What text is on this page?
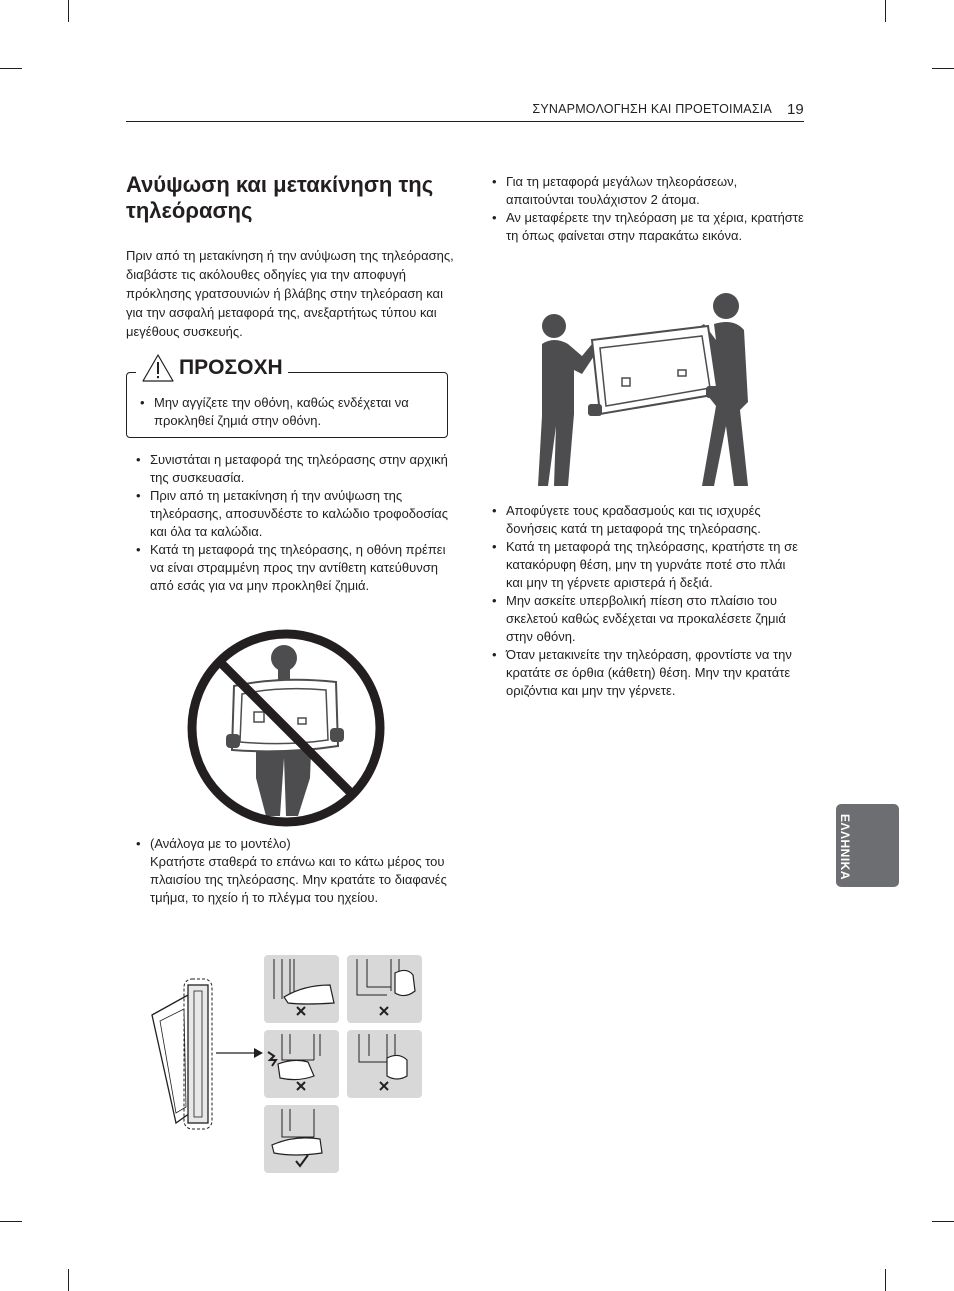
ΣΥΝΑΡΜΟΛΟΓΗΣΗ ΚΑΙ ΠΡΟΕΤΟΙΜΑΣΙΑ 19
Ανύψωση και μετακίνηση της τηλεόρασης

Πριν από τη μετακίνηση ή την ανύψωση της τηλεόρασης, διαβάστε τις ακόλουθες οδηγίες για την αποφυγή πρόκλησης γρατσουνιών ή βλάβης στην τηλεόραση και για την ασφαλή μεταφορά της, ανεξαρτήτως τύπου και μεγέθους συσκευής.

ΠΡΟΣΟΧΗ
• Μην αγγίζετε την οθόνη, καθώς ενδέχεται να προκληθεί ζημιά στην οθόνη.
• Συνιστάται η μεταφορά της τηλεόρασης στην αρχική της συσκευασία.
• Πριν από τη μετακίνηση ή την ανύψωση της τηλεόρασης, αποσυνδέστε το καλώδιο τροφοδοσίας και όλα τα καλώδια.
• Κατά τη μεταφορά της τηλεόρασης, η οθόνη πρέπει να είναι στραμμένη προς την αντίθετη κατεύθυνση από εσάς για να μην προκληθεί ζημιά.
• (Ανάλογα με το μοντέλο)
Κρατήστε σταθερά το επάνω και το κάτω μέρος του πλαισίου της τηλεόρασης. Μην κρατάτε το διαφανές τμήμα, το ηχείο ή το πλέγμα του ηχείου.
• Για τη μεταφορά μεγάλων τηλεοράσεων, απαιτούνται τουλάχιστον 2 άτομα.
• Αν μεταφέρετε την τηλεόραση με τα χέρια, κρατήστε τη όπως φαίνεται στην παρακάτω εικόνα.
• Αποφύγετε τους κραδασμούς και τις ισχυρές δονήσεις κατά τη μεταφορά της τηλεόρασης.
• Κατά τη μεταφορά της τηλεόρασης, κρατήστε τη σε κατακόρυφη θέση, μην τη γυρνάτε ποτέ στο πλάι και μην τη γέρνετε αριστερά ή δεξιά.
• Μην ασκείτε υπερβολική πίεση στο πλαίσιο του σκελετού καθώς ενδέχεται να προκαλέσετε ζημιά στην οθόνη.
• Όταν μετακινείτε την τηλεόραση, φροντίστε να την κρατάτε σε όρθια (κάθετη) θέση. Μην την κρατάτε οριζόντια και μην την γέρνετε.
ΕΛΛΗΝΙΚΑ
